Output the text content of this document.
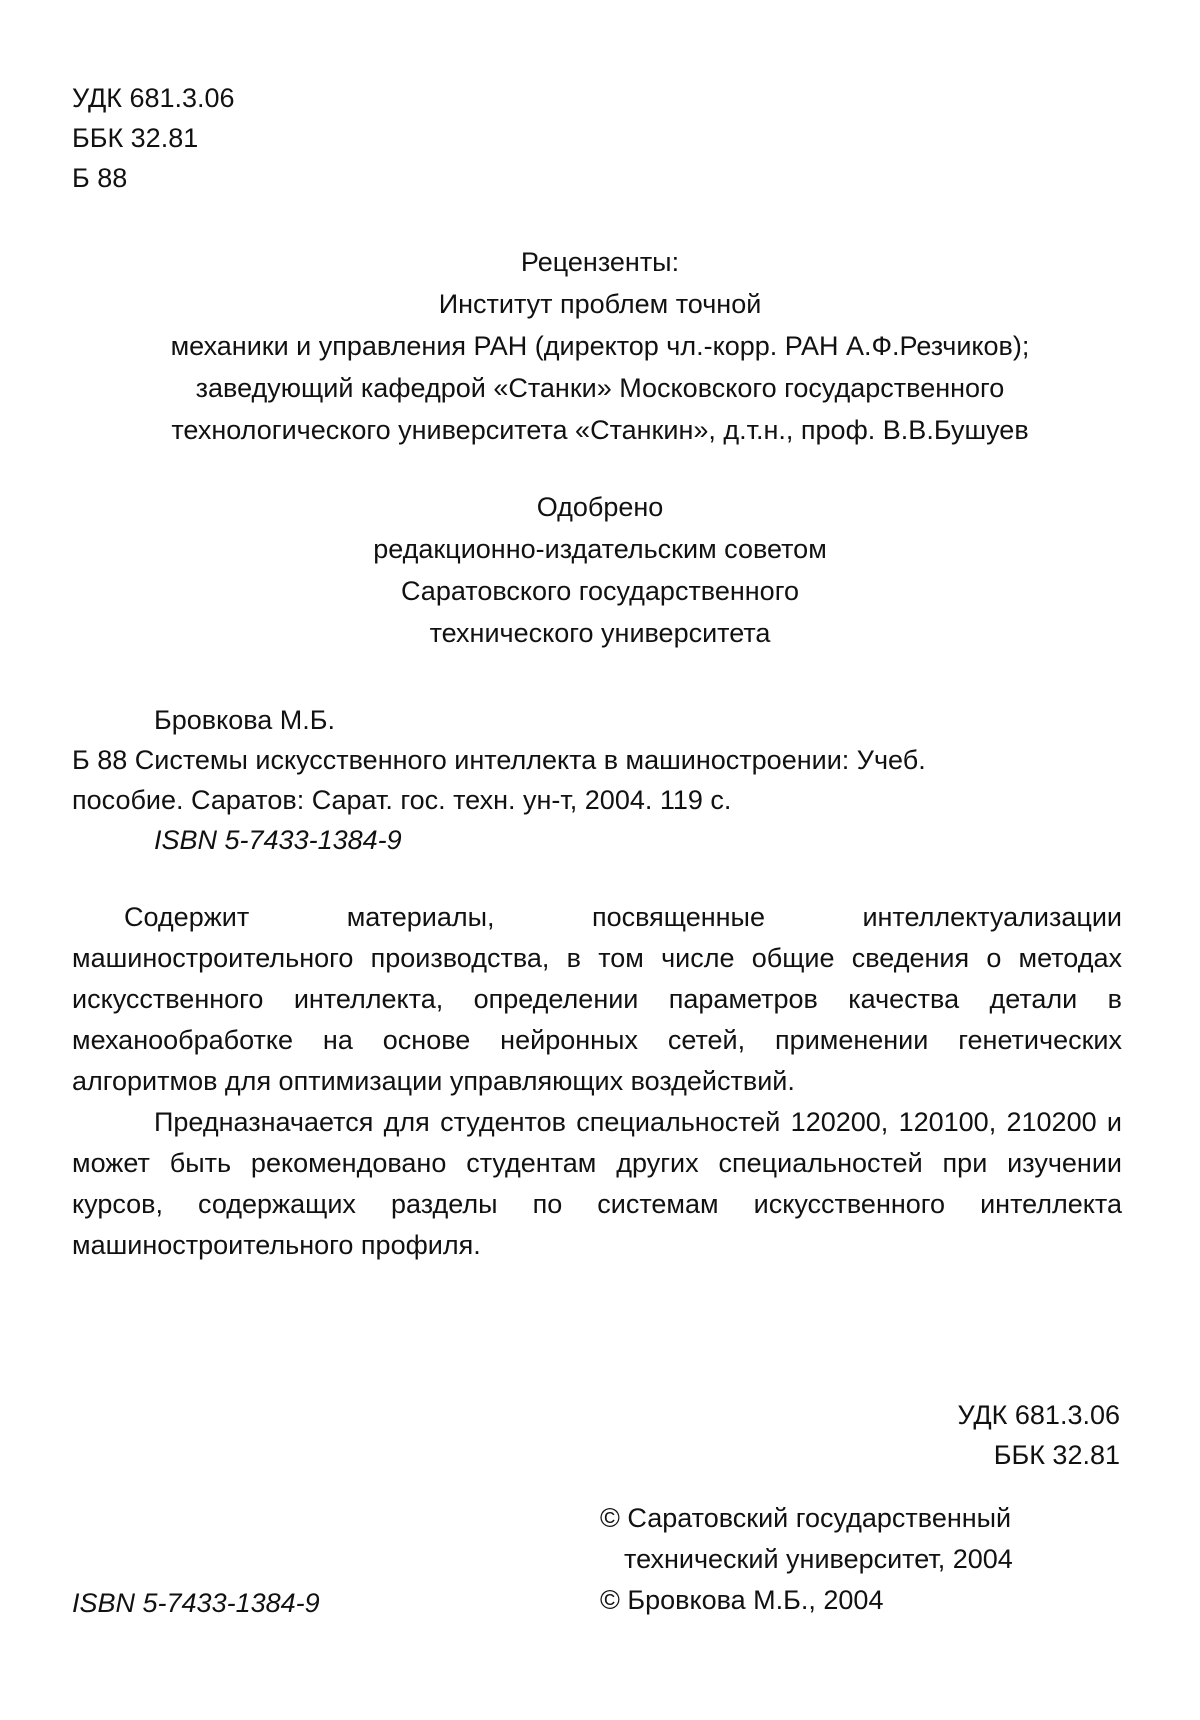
УДК 681.3.06
ББК 32.81
Б 88
Рецензенты:
Институт проблем точной
механики и управления РАН (директор чл.-корр. РАН А.Ф.Резчиков);
заведующий кафедрой «Станки» Московского государственного
технологического университета «Станкин», д.т.н., проф. В.В.Бушуев
Одобрено
редакционно-издательским советом
Саратовского государственного
технического университета
Бровкова М.Б.
Б 88 Системы искусственного интеллекта в машиностроении: Учеб.
пособие. Саратов: Сарат. гос. техн. ун-т, 2004. 119 с.
ISBN 5-7433-1384-9

Содержит материалы, посвященные интеллектуализации машиностроительного производства, в том числе общие сведения о методах искусственного интеллекта, определении параметров качества детали в механообработке на основе нейронных сетей, применении генетических алгоритмов для оптимизации управляющих воздействий.

Предназначается для студентов специальностей 120200, 120100, 210200 и может быть рекомендовано студентам других специальностей при изучении курсов, содержащих разделы по системам искусственного интеллекта машиностроительного профиля.

УДК 681.3.06
ББК 32.81
© Саратовский государственный
технический университет, 2004
© Бровкова М.Б., 2004
ISBN 5-7433-1384-9
